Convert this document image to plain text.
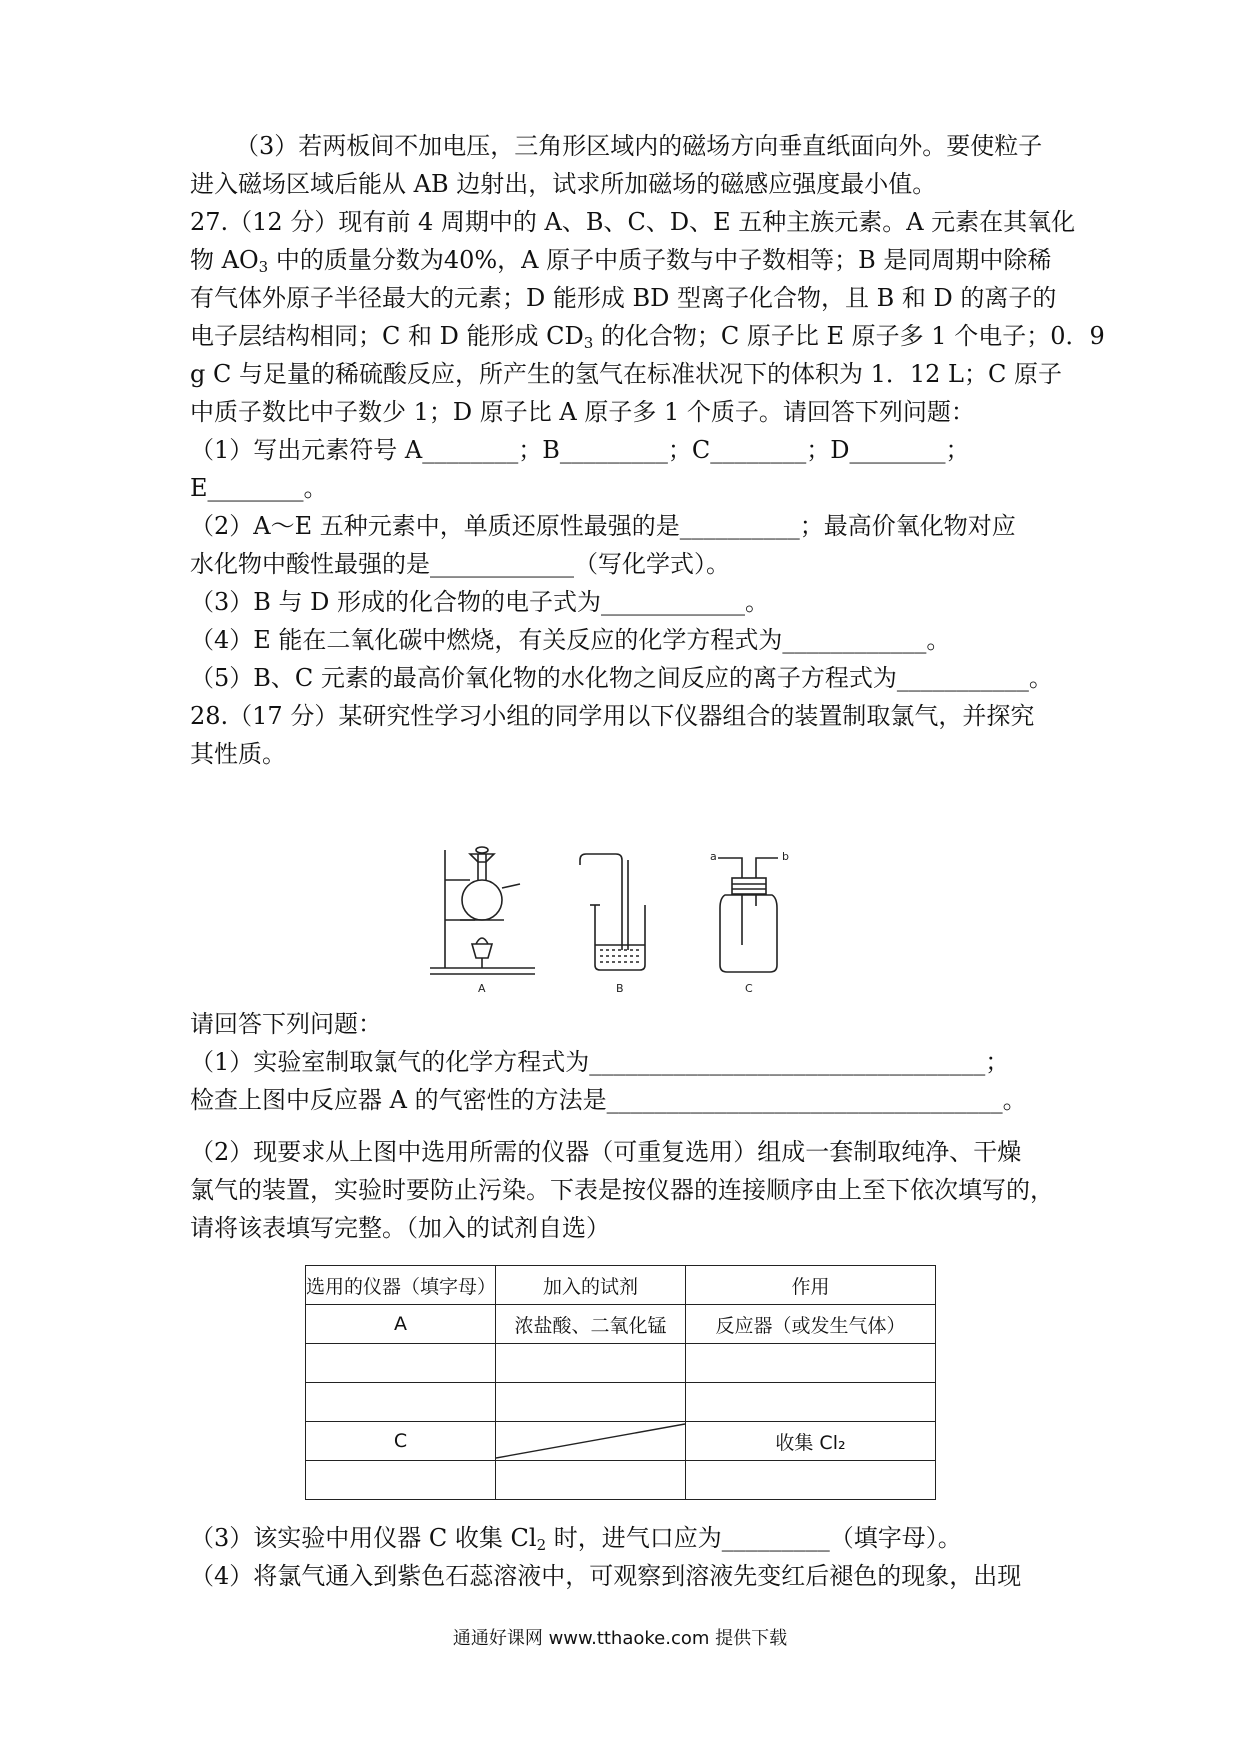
（3）若两板间不加电压，三角形区域内的磁场方向垂直纸面向外。要使粒子
进入磁场区域后能从 AB 边射出，试求所加磁场的磁感应强度最小值。
27.（12 分）现有前 4 周期中的 A、B、C、D、E 五种主族元素。A 元素在其氧化
物 $AO_3$ 中的质量分数为40%，A 原子中质子数与中子数相等；B 是同周期中除稀
有气体外原子半径最大的元素；D 能形成 BD 型离子化合物，且 B 和 D 的离子的
电子层结构相同；C 和 D 能形成 $CD_3$ 的化合物；C 原子比 E 原子多 1 个电子；0．9
g C 与足量的稀硫酸反应，所产生的氢气在标准状况下的体积为 1．12 L；C 原子
中质子数比中子数少 1；D 原子比 A 原子多 1 个质子。请回答下列问题：
（1）写出元素符号 A________；B_________；C________；D________；
E________。
（2）A～E 五种元素中，单质还原性最强的是__________；最高价氧化物对应
水化物中酸性最强的是____________（写化学式）。
（3）B 与 D 形成的化合物的电子式为____________。
（4）E 能在二氧化碳中燃烧，有关反应的化学方程式为____________。
（5）B、C 元素的最高价氧化物的水化物之间反应的离子方程式为___________。
28.（17 分）某研究性学习小组的同学用以下仪器组合的装置制取氯气，并探究
其性质。
A	B	C
a	b
请回答下列问题：
（1）实验室制取氯气的化学方程式为_________________________________；
检查上图中反应器 A 的气密性的方法是_________________________________。
（2）现要求从上图中选用所需的仪器（可重复选用）组成一套制取纯净、干燥
氯气的装置，实验时要防止污染。下表是按仪器的连接顺序由上至下依次填写的，
请将该表填写完整。（加入的试剂自选）
选用的仪器（填字母）	加入的试剂	作用
A	浓盐酸、二氧化锰	反应器（或发生气体）

C		收集 Cl₂

（3）该实验中用仪器 C 收集 $Cl_2$ 时，进气口应为_________（填字母）。
（4）将氯气通入到紫色石蕊溶液中，可观察到溶液先变红后褪色的现象，出现
通通好课网 www.tthaoke.com 提供下载
